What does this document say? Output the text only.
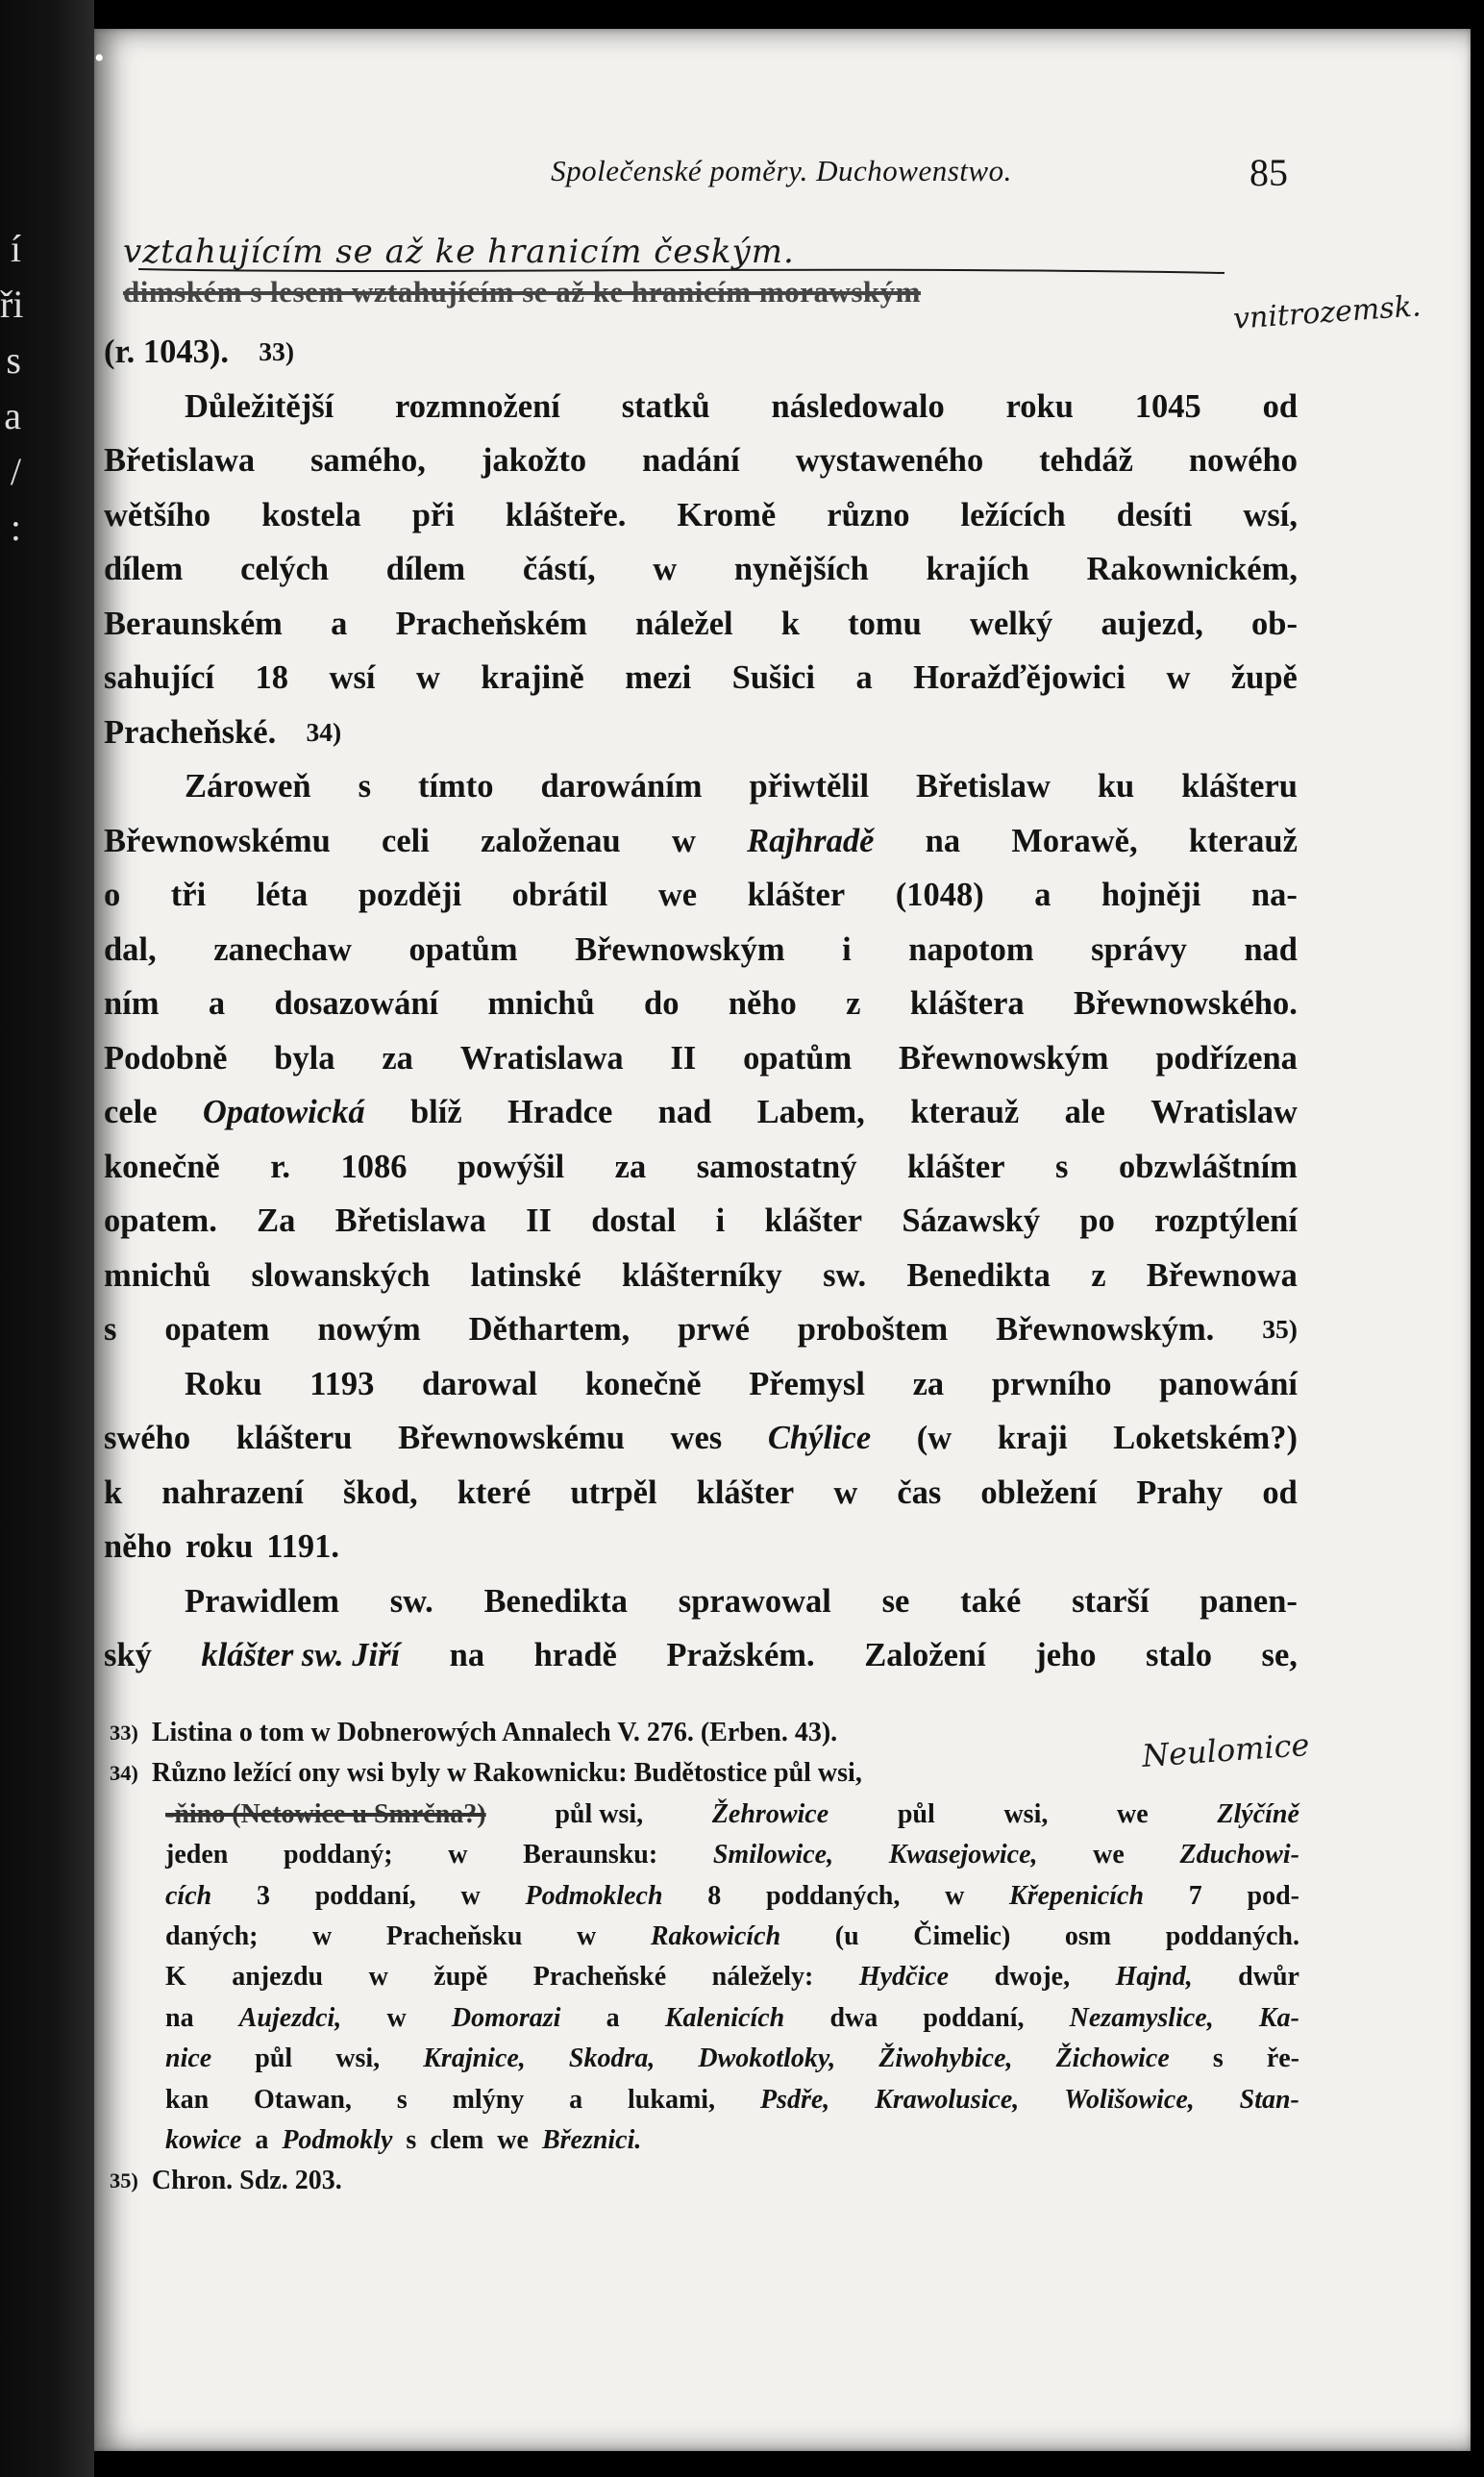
í
ři
s
a
/
:
•
Společenské poměry. Duchowenstwo.	85
vztahujícím se až ke hranicím českým.
dimském s lesem wztahujícím se až ke hranicím morawským	vnitrozemsk.
(r. 1043). 33)
Důležitější rozmnožení statků následowalo roku 1045 od
Břetislawa samého, jakožto nadání wystaweného tehdáž nowého
wětšího kostela při klášteře. Kromě různo ležících desíti wsí,
dílem celých dílem částí, w nynějších krajích Rakownickém,
Beraunském a Pracheňském náležel k tomu welký aujezd, ob-
sahující 18 wsí w krajině mezi Sušici a Horažďějowici w župě
Pracheňské. 34)
Zároweň s tímto darowáním přiwtělil Břetislaw ku klášteru
Břewnowskému celi založenau w Rajhradě na Morawě, kterauž
o tři léta později obrátil we klášter (1048) a hojněji na-
dal, zanechaw opatům Břewnowským i napotom správy nad
ním a dosazowání mnichů do něho z kláštera Břewnowského.
Podobně byla za Wratislawa II opatům Břewnowským podřízena
cele Opatowická blíž Hradce nad Labem, kterauž ale Wratislaw
konečně r. 1086 powýšil za samostatný klášter s obzwláštním
opatem. Za Břetislawa II dostal i klášter Sázawský po rozptýlení
mnichů slowanských latinské klášterníky sw. Benedikta z Břewnowa
s opatem nowým Děthartem, prwé proboštem Břewnowským. 35)
Roku 1193 darowal konečně Přemysl za prwního panowání
swého klášteru Břewnowskému wes Chýlice (w kraji Loketském?)
k nahrazení škod, které utrpěl klášter w čas obležení Prahy od
něho roku 1191.
Prawidlem sw. Benedikta sprawowal se také starší panen-
ský klášter sw. Jiří na hradě Pražském. Založení jeho stalo se,
Neulomice
33) Listina o tom w Dobnerowých Annalech V. 276. (Erben. 43).
34) Různo ležící ony wsi byly w Rakownicku: Budětostice půl wsi,
-ňino (Netowice u Smrčna?)	půl wsi,	Žehrowice	půl	wsi,	we	Zlýčíně
jeden poddaný; w Beraunsku: Smilowice, Kwasejowice, we Zduchowi-
cích 3 poddaní, w Podmoklech 8 poddaných, w Křepenicích 7 pod-
daných; w Pracheňsku w Rakowicích (u Čimelic) osm poddaných.
K anjezdu w župě Pracheňské náležely: Hydčice dwoje, Hajnd, dwůr
na Aujezdci, w Domorazi a Kalenicích dwa poddaní, Nezamyslice, Ka-
nice půl wsi, Krajnice, Skodra, Dwokotloky, Žiwohybice, Žichowice s ře-
kan Otawan, s mlýny a lukami, Psdře, Krawolusice, Wolišowice, Stan-
kowice a Podmokly s clem we Březnici.
35) Chron. Sdz. 203.
